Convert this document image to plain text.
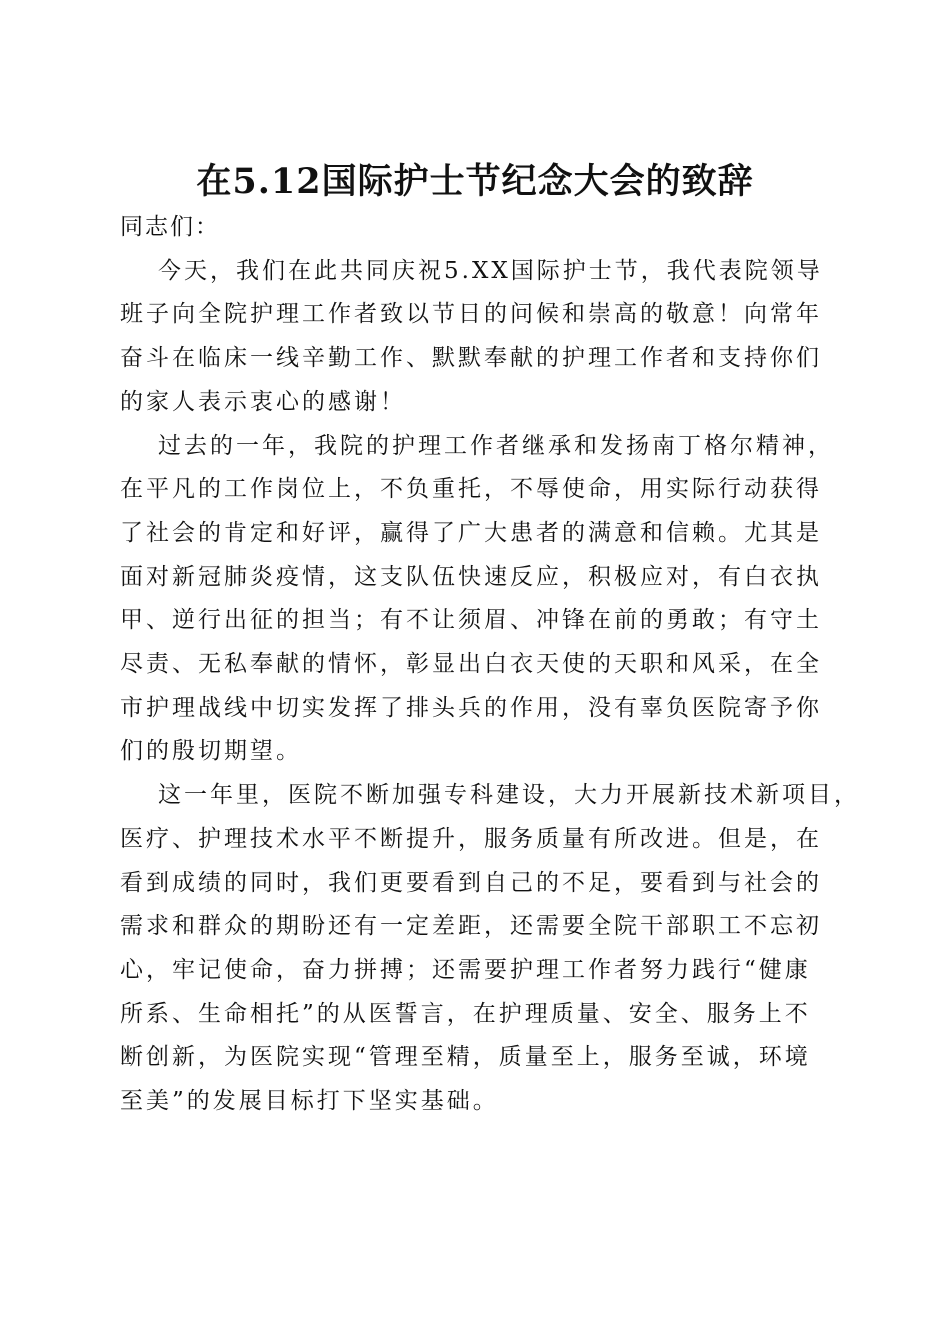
在5.12国际护士节纪念大会的致辞

同志们：

今天，我们在此共同庆祝5.XX国际护士节，我代表院领导
班子向全院护理工作者致以节日的问候和崇高的敬意！向常年
奋斗在临床一线辛勤工作、默默奉献的护理工作者和支持你们
的家人表示衷心的感谢！

过去的一年，我院的护理工作者继承和发扬南丁格尔精神，
在平凡的工作岗位上，不负重托，不辱使命，用实际行动获得
了社会的肯定和好评，赢得了广大患者的满意和信赖。尤其是
面对新冠肺炎疫情，这支队伍快速反应，积极应对，有白衣执
甲、逆行出征的担当；有不让须眉、冲锋在前的勇敢；有守土
尽责、无私奉献的情怀，彰显出白衣天使的天职和风采，在全
市护理战线中切实发挥了排头兵的作用，没有辜负医院寄予你
们的殷切期望。

这一年里，医院不断加强专科建设，大力开展新技术新项目，
医疗、护理技术水平不断提升，服务质量有所改进。但是，在
看到成绩的同时，我们更要看到自己的不足，要看到与社会的
需求和群众的期盼还有一定差距，还需要全院干部职工不忘初
心，牢记使命，奋力拼搏；还需要护理工作者努力践行“健康
所系、生命相托”的从医誓言，在护理质量、安全、服务上不
断创新，为医院实现“管理至精，质量至上，服务至诚，环境
至美”的发展目标打下坚实基础。
